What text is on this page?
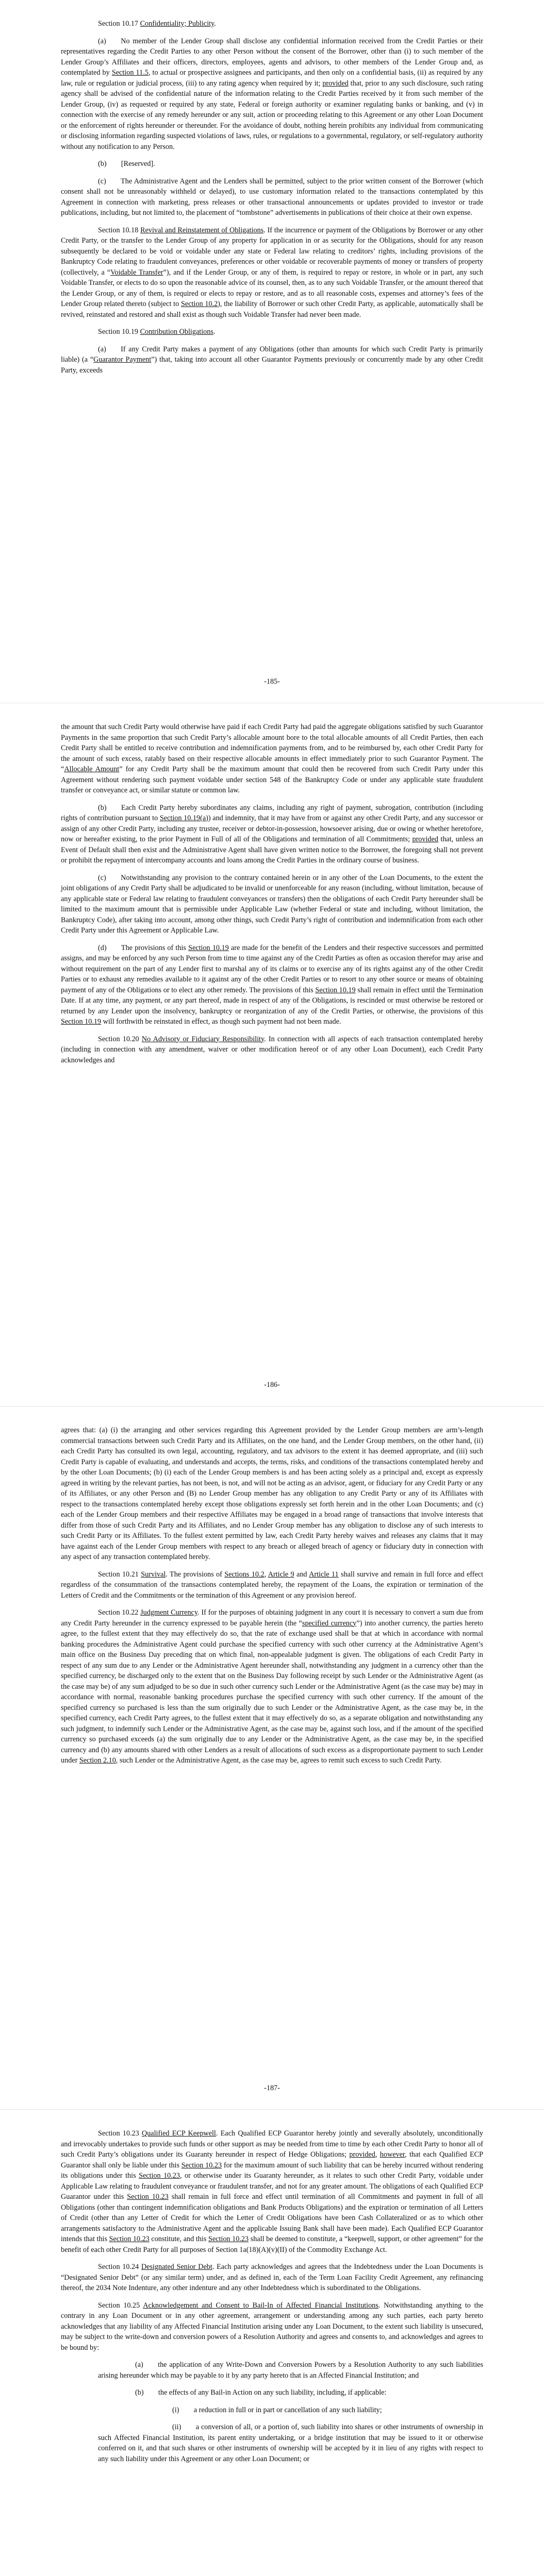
Section 10.17 Confidentiality; Publicity.

(a)  No member of the Lender Group shall disclose any confidential information received from the Credit Parties or their representatives regarding the Credit Parties to any other Person without the consent of the Borrower, other than (i) to such member of the Lender Group’s Affiliates and their officers, directors, employees, agents and advisors, to other members of the Lender Group and, as contemplated by Section 11.5, to actual or prospective assignees and participants, and then only on a confidential basis, (ii) as required by any law, rule or regulation or judicial process, (iii) to any rating agency when required by it; provided that, prior to any such disclosure, such rating agency shall be advised of the confidential nature of the information relating to the Credit Parties received by it from such member of the Lender Group, (iv) as requested or required by any state, Federal or foreign authority or examiner regulating banks or banking, and (v) in connection with the exercise of any remedy hereunder or any suit, action or proceeding relating to this Agreement or any other Loan Document or the enforcement of rights hereunder or thereunder. For the avoidance of doubt, nothing herein prohibits any individual from communicating or disclosing information regarding suspected violations of laws, rules, or regulations to a governmental, regulatory, or self-regulatory authority without any notification to any Person.

(b)  [Reserved].

(c)  The Administrative Agent and the Lenders shall be permitted, subject to the prior written consent of the Borrower (which consent shall not be unreasonably withheld or delayed), to use customary information related to the transactions contemplated by this Agreement in connection with marketing, press releases or other transactional announcements or updates provided to investor or trade publications, including, but not limited to, the placement of “tombstone” advertisements in publications of their choice at their own expense.

Section 10.18 Revival and Reinstatement of Obligations. If the incurrence or payment of the Obligations by Borrower or any other Credit Party, or the transfer to the Lender Group of any property for application in or as security for the Obligations, should for any reason subsequently be declared to be void or voidable under any state or Federal law relating to creditors’ rights, including provisions of the Bankruptcy Code relating to fraudulent conveyances, preferences or other voidable or recoverable payments of money or transfers of property (collectively, a “Voidable Transfer”), and if the Lender Group, or any of them, is required to repay or restore, in whole or in part, any such Voidable Transfer, or elects to do so upon the reasonable advice of its counsel, then, as to any such Voidable Transfer, or the amount thereof that the Lender Group, or any of them, is required or elects to repay or restore, and as to all reasonable costs, expenses and attorney’s fees of the Lender Group related thereto (subject to Section 10.2), the liability of Borrower or such other Credit Party, as applicable, automatically shall be revived, reinstated and restored and shall exist as though such Voidable Transfer had never been made.

Section 10.19 Contribution Obligations.

(a)  If any Credit Party makes a payment of any Obligations (other than amounts for which such Credit Party is primarily liable) (a “Guarantor Payment”) that, taking into account all other Guarantor Payments previously or concurrently made by any other Credit Party, exceeds

-185-

the amount that such Credit Party would otherwise have paid if each Credit Party had paid the aggregate obligations satisfied by such Guarantor Payments in the same proportion that such Credit Party’s allocable amount bore to the total allocable amounts of all Credit Parties, then each Credit Party shall be entitled to receive contribution and indemnification payments from, and to be reimbursed by, each other Credit Party for the amount of such excess, ratably based on their respective allocable amounts in effect immediately prior to such Guarantor Payment. The “Allocable Amount” for any Credit Party shall be the maximum amount that could then be recovered from such Credit Party under this Agreement without rendering such payment voidable under section 548 of the Bankruptcy Code or under any applicable state fraudulent transfer or conveyance act, or similar statute or common law.

(b)  Each Credit Party hereby subordinates any claims, including any right of payment, subrogation, contribution (including rights of contribution pursuant to Section 10.19(a)) and indemnity, that it may have from or against any other Credit Party, and any successor or assign of any other Credit Party, including any trustee, receiver or debtor-in-possession, howsoever arising, due or owing or whether heretofore, now or hereafter existing, to the prior Payment in Full of all of the Obligations and termination of all Commitments; provided that, unless an Event of Default shall then exist and the Administrative Agent shall have given written notice to the Borrower, the foregoing shall not prevent or prohibit the repayment of intercompany accounts and loans among the Credit Parties in the ordinary course of business.

(c)  Notwithstanding any provision to the contrary contained herein or in any other of the Loan Documents, to the extent the joint obligations of any Credit Party shall be adjudicated to be invalid or unenforceable for any reason (including, without limitation, because of any applicable state or Federal law relating to fraudulent conveyances or transfers) then the obligations of each Credit Party hereunder shall be limited to the maximum amount that is permissible under Applicable Law (whether Federal or state and including, without limitation, the Bankruptcy Code), after taking into account, among other things, such Credit Party’s right of contribution and indemnification from each other Credit Party under this Agreement or Applicable Law.

(d)  The provisions of this Section 10.19 are made for the benefit of the Lenders and their respective successors and permitted assigns, and may be enforced by any such Person from time to time against any of the Credit Parties as often as occasion therefor may arise and without requirement on the part of any Lender first to marshal any of its claims or to exercise any of its rights against any of the other Credit Parties or to exhaust any remedies available to it against any of the other Credit Parties or to resort to any other source or means of obtaining payment of any of the Obligations or to elect any other remedy. The provisions of this Section 10.19 shall remain in effect until the Termination Date. If at any time, any payment, or any part thereof, made in respect of any of the Obligations, is rescinded or must otherwise be restored or returned by any Lender upon the insolvency, bankruptcy or reorganization of any of the Credit Parties, or otherwise, the provisions of this Section 10.19 will forthwith be reinstated in effect, as though such payment had not been made.

Section 10.20 No Advisory or Fiduciary Responsibility. In connection with all aspects of each transaction contemplated hereby (including in connection with any amendment, waiver or other modification hereof or of any other Loan Document), each Credit Party acknowledges and

-186-

agrees that: (a) (i) the arranging and other services regarding this Agreement provided by the Lender Group members are arm’s-length commercial transactions between such Credit Party and its Affiliates, on the one hand, and the Lender Group members, on the other hand, (ii) each Credit Party has consulted its own legal, accounting, regulatory, and tax advisors to the extent it has deemed appropriate, and (iii) such Credit Party is capable of evaluating, and understands and accepts, the terms, risks, and conditions of the transactions contemplated hereby and by the other Loan Documents; (b) (i) each of the Lender Group members is and has been acting solely as a principal and, except as expressly agreed in writing by the relevant parties, has not been, is not, and will not be acting as an advisor, agent, or fiduciary for any Credit Party or any of its Affiliates, or any other Person and (B) no Lender Group member has any obligation to any Credit Party or any of its Affiliates with respect to the transactions contemplated hereby except those obligations expressly set forth herein and in the other Loan Documents; and (c) each of the Lender Group members and their respective Affiliates may be engaged in a broad range of transactions that involve interests that differ from those of such Credit Party and its Affiliates, and no Lender Group member has any obligation to disclose any of such interests to such Credit Party or its Affiliates. To the fullest extent permitted by law, each Credit Party hereby waives and releases any claims that it may have against each of the Lender Group members with respect to any breach or alleged breach of agency or fiduciary duty in connection with any aspect of any transaction contemplated hereby.

Section 10.21 Survival. The provisions of Sections 10.2, Article 9 and Article 11 shall survive and remain in full force and effect regardless of the consummation of the transactions contemplated hereby, the repayment of the Loans, the expiration or termination of the Letters of Credit and the Commitments or the termination of this Agreement or any provision hereof.

Section 10.22 Judgment Currency. If for the purposes of obtaining judgment in any court it is necessary to convert a sum due from any Credit Party hereunder in the currency expressed to be payable herein (the “specified currency”) into another currency, the parties hereto agree, to the fullest extent that they may effectively do so, that the rate of exchange used shall be that at which in accordance with normal banking procedures the Administrative Agent could purchase the specified currency with such other currency at the Administrative Agent’s main office on the Business Day preceding that on which final, non-appealable judgment is given. The obligations of each Credit Party in respect of any sum due to any Lender or the Administrative Agent hereunder shall, notwithstanding any judgment in a currency other than the specified currency, be discharged only to the extent that on the Business Day following receipt by such Lender or the Administrative Agent (as the case may be) of any sum adjudged to be so due in such other currency such Lender or the Administrative Agent (as the case may be) may in accordance with normal, reasonable banking procedures purchase the specified currency with such other currency. If the amount of the specified currency so purchased is less than the sum originally due to such Lender or the Administrative Agent, as the case may be, in the specified currency, each Credit Party agrees, to the fullest extent that it may effectively do so, as a separate obligation and notwithstanding any such judgment, to indemnify such Lender or the Administrative Agent, as the case may be, against such loss, and if the amount of the specified currency so purchased exceeds (a) the sum originally due to any Lender or the Administrative Agent, as the case may be, in the specified currency and (b) any amounts shared with other Lenders as a result of allocations of such excess as a disproportionate payment to such Lender under Section 2.10, such Lender or the Administrative Agent, as the case may be, agrees to remit such excess to such Credit Party.

-187-

Section 10.23 Qualified ECP Keepwell. Each Qualified ECP Guarantor hereby jointly and severally absolutely, unconditionally and irrevocably undertakes to provide such funds or other support as may be needed from time to time by each other Credit Party to honor all of such Credit Party’s obligations under its Guaranty hereunder in respect of Hedge Obligations; provided, however, that each Qualified ECP Guarantor shall only be liable under this Section 10.23 for the maximum amount of such liability that can be hereby incurred without rendering its obligations under this Section 10.23, or otherwise under its Guaranty hereunder, as it relates to such other Credit Party, voidable under Applicable Law relating to fraudulent conveyance or fraudulent transfer, and not for any greater amount. The obligations of each Qualified ECP Guarantor under this Section 10.23 shall remain in full force and effect until termination of all Commitments and payment in full of all Obligations (other than contingent indemnification obligations and Bank Products Obligations) and the expiration or termination of all Letters of Credit (other than any Letter of Credit for which the Letter of Credit Obligations have been Cash Collateralized or as to which other arrangements satisfactory to the Administrative Agent and the applicable Issuing Bank shall have been made). Each Qualified ECP Guarantor intends that this Section 10.23 constitute, and this Section 10.23 shall be deemed to constitute, a “keepwell, support, or other agreement” for the benefit of each other Credit Party for all purposes of Section 1a(18)(A)(v)(II) of the Commodity Exchange Act.

Section 10.24 Designated Senior Debt. Each party acknowledges and agrees that the Indebtedness under the Loan Documents is “Designated Senior Debt” (or any similar term) under, and as defined in, each of the Term Loan Facility Credit Agreement, any refinancing thereof, the 2034 Note Indenture, any other indenture and any other Indebtedness which is subordinated to the Obligations.

Section 10.25 Acknowledgement and Consent to Bail-In of Affected Financial Institutions. Notwithstanding anything to the contrary in any Loan Document or in any other agreement, arrangement or understanding among any such parties, each party hereto acknowledges that any liability of any Affected Financial Institution arising under any Loan Document, to the extent such liability is unsecured, may be subject to the write-down and conversion powers of a Resolution Authority and agrees and consents to, and acknowledges and agrees to be bound by:

(a)  the application of any Write-Down and Conversion Powers by a Resolution Authority to any such liabilities arising hereunder which may be payable to it by any party hereto that is an Affected Financial Institution; and

(b)  the effects of any Bail-in Action on any such liability, including, if applicable:

(i)  a reduction in full or in part or cancellation of any such liability;

(ii)  a conversion of all, or a portion of, such liability into shares or other instruments of ownership in such Affected Financial Institution, its parent entity undertaking, or a bridge institution that may be issued to it or otherwise conferred on it, and that such shares or other instruments of ownership will be accepted by it in lieu of any rights with respect to any such liability under this Agreement or any other Loan Document; or
